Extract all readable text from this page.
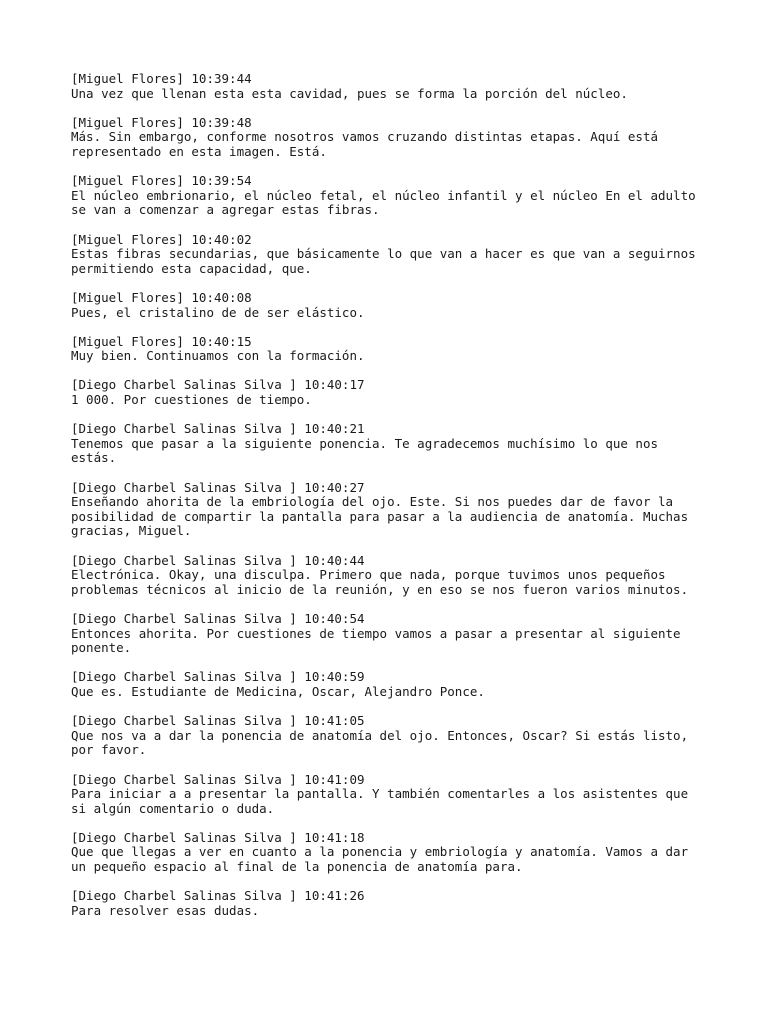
[Miguel Flores] 10:39:44
Una vez que llenan esta esta cavidad, pues se forma la porción del núcleo.
[Miguel Flores] 10:39:48
Más. Sin embargo, conforme nosotros vamos cruzando distintas etapas. Aquí está
representado en esta imagen. Está.
[Miguel Flores] 10:39:54
El núcleo embrionario, el núcleo fetal, el núcleo infantil y el núcleo En el adulto
se van a comenzar a agregar estas fibras.
[Miguel Flores] 10:40:02
Estas fibras secundarias, que básicamente lo que van a hacer es que van a seguirnos
permitiendo esta capacidad, que.
[Miguel Flores] 10:40:08
Pues, el cristalino de de ser elástico.
[Miguel Flores] 10:40:15
Muy bien. Continuamos con la formación.
[Diego Charbel Salinas Silva ] 10:40:17
1 000. Por cuestiones de tiempo.
[Diego Charbel Salinas Silva ] 10:40:21
Tenemos que pasar a la siguiente ponencia. Te agradecemos muchísimo lo que nos
estás.
[Diego Charbel Salinas Silva ] 10:40:27
Enseñando ahorita de la embriología del ojo. Este. Si nos puedes dar de favor la
posibilidad de compartir la pantalla para pasar a la audiencia de anatomía. Muchas
gracias, Miguel.
[Diego Charbel Salinas Silva ] 10:40:44
Electrónica. Okay, una disculpa. Primero que nada, porque tuvimos unos pequeños
problemas técnicos al inicio de la reunión, y en eso se nos fueron varios minutos.
[Diego Charbel Salinas Silva ] 10:40:54
Entonces ahorita. Por cuestiones de tiempo vamos a pasar a presentar al siguiente
ponente.
[Diego Charbel Salinas Silva ] 10:40:59
Que es. Estudiante de Medicina, Oscar, Alejandro Ponce.
[Diego Charbel Salinas Silva ] 10:41:05
Que nos va a dar la ponencia de anatomía del ojo. Entonces, Oscar? Si estás listo,
por favor.
[Diego Charbel Salinas Silva ] 10:41:09
Para iniciar a a presentar la pantalla. Y también comentarles a los asistentes que
si algún comentario o duda.
[Diego Charbel Salinas Silva ] 10:41:18
Que que llegas a ver en cuanto a la ponencia y embriología y anatomía. Vamos a dar
un pequeño espacio al final de la ponencia de anatomía para.
[Diego Charbel Salinas Silva ] 10:41:26
Para resolver esas dudas.
